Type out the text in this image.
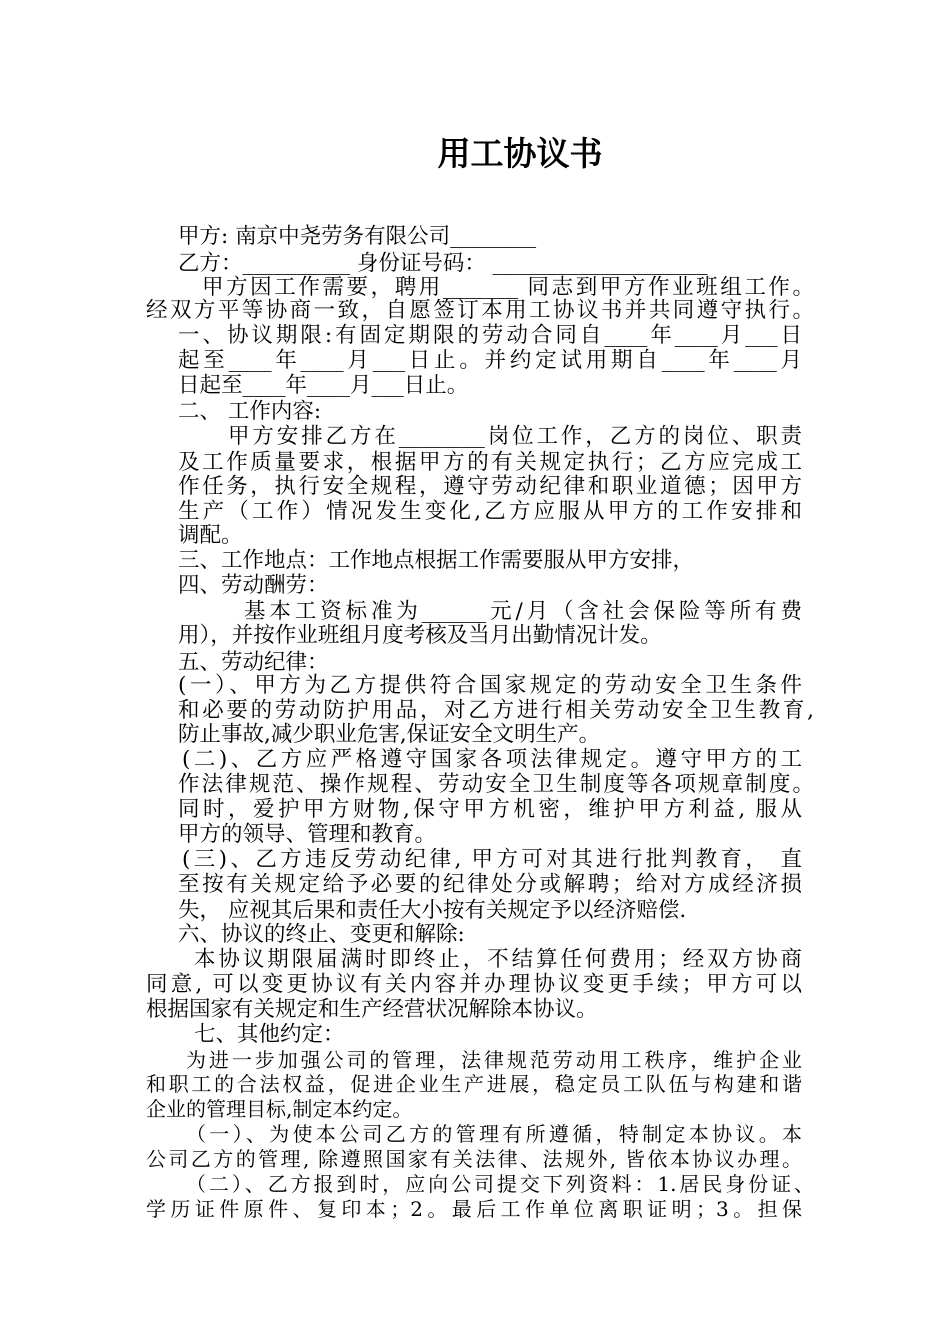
用工协议书
甲方: 南京中尧劳务有限公司________
乙方：__________ 身份证号码： ____________________
甲方因工作需要，聘用_______ 同志到甲方作业班组工作。
经双方平等协商一致，自愿签订本用工协议书并共同遵守执行。
一、协议期限:有固定期限的劳动合同自____年____月___日
起至____年____月___日止。并约定试用期自____年____月
日起至____年____月___日止。
二、 工作内容:
甲方安排乙方在________岗位工作，乙方的岗位、职责
及工作质量要求，根据甲方的有关规定执行；乙方应完成工
作任务，执行安全规程，遵守劳动纪律和职业道德；因甲方
生产（工作）情况发生变化,乙方应服从甲方的工作安排和
调配。
三、工作地点：工作地点根据工作需要服从甲方安排，
四、劳动酬劳：
基本工资标准为______元/月（含社会保险等所有费
用），并按作业班组月度考核及当月出勤情况计发。
五、劳动纪律：
(一）、甲方为乙方提供符合国家规定的劳动安全卫生条件
和必要的劳动防护用品，对乙方进行相关劳动安全卫生教育,
防止事故,减少职业危害,保证安全文明生产。
(二)、乙方应严格遵守国家各项法律规定。遵守甲方的工
作法律规范、操作规程、劳动安全卫生制度等各项规章制度。
同时，爱护甲方财物,保守甲方机密，维护甲方利益, 服从
甲方的领导、管理和教育。
(三)、乙方违反劳动纪律, 甲方可对其进行批判教育， 直
至按有关规定给予必要的纪律处分或解聘；给对方成经济损
失， 应视其后果和责任大小按有关规定予以经济赔偿.
六、协议的终止、变更和解除:
本协议期限届满时即终止，不结算任何费用；经双方协商
同意, 可以变更协议有关内容并办理协议变更手续；甲方可以
根据国家有关规定和生产经营状况解除本协议。
七、其他约定：
为进一步加强公司的管理，法律规范劳动用工秩序，维护企业
和职工的合法权益，促进企业生产进展，稳定员工队伍与构建和谐
企业的管理目标,制定本约定。
（一）、为使本公司乙方的管理有所遵循，特制定本协议。本
公司乙方的管理, 除遵照国家有关法律、法规外, 皆依本协议办理。
（二）、乙方报到时，应向公司提交下列资料：1.居民身份证、
学历证件原件、复印本；2。最后工作单位离职证明；3。担保
